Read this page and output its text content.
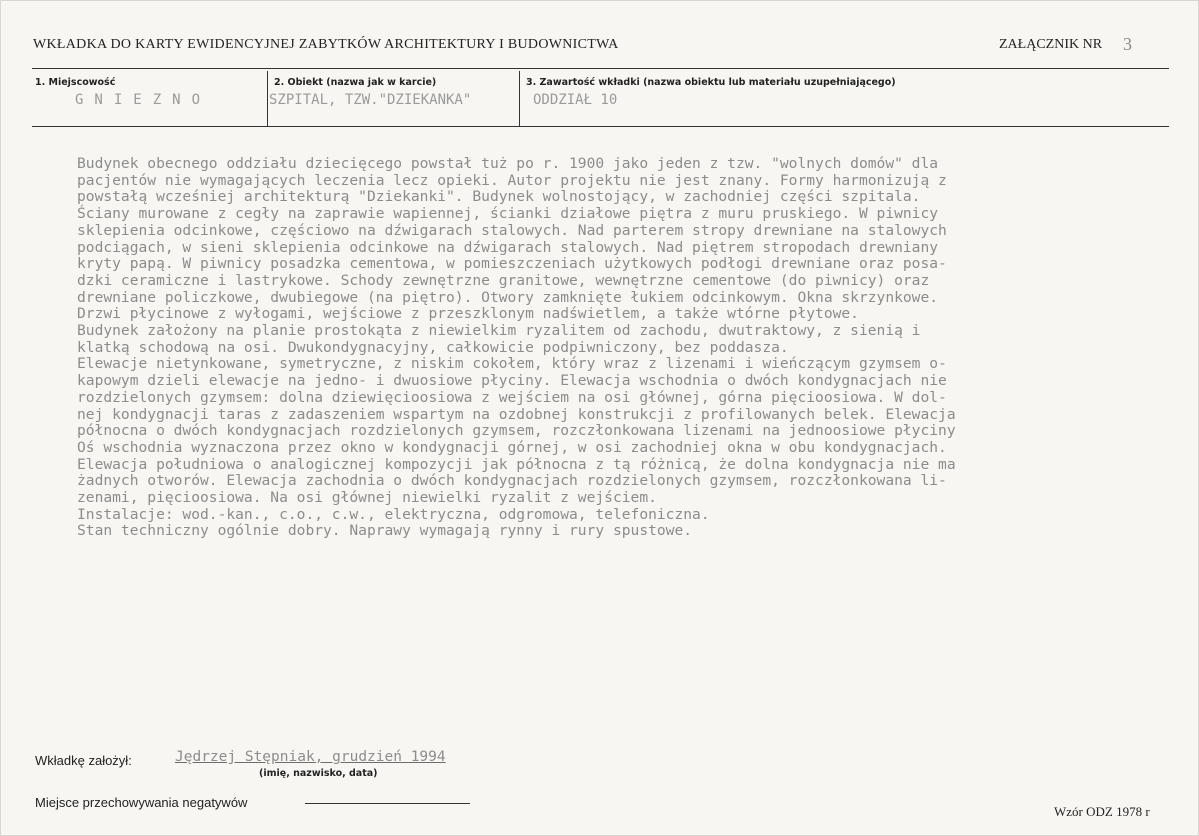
WKŁADKA DO KARTY EWIDENCYJNEJ ZABYTKÓW ARCHITEKTURY I BUDOWNICTWA	ZAŁĄCZNIK NR 3
1. Miejscowość
GNIEZNO
2. Obiekt (nazwa jak w karcie)
SZPITAL, TZW."DZIEKANKA"
3. Zawartość wkładki (nazwa obiektu lub materiału uzupełniającego)
ODDZIAŁ 10
Budynek obecnego oddziału dziecięcego powstał tuż po r. 1900 jako jeden z tzw. "wolnych domów" dla
pacjentów nie wymagających leczenia lecz opieki. Autor projektu nie jest znany. Formy harmonizują z
powstałą wcześniej architekturą "Dziekanki". Budynek wolnostojący, w zachodniej części szpitala.
Ściany murowane z cegły na zaprawie wapiennej, ścianki działowe piętra z muru pruskiego. W piwnicy
sklepienia odcinkowe, częściowo na dźwigarach stalowych. Nad parterem stropy drewniane na stalowych
podciągach, w sieni sklepienia odcinkowe na dźwigarach stalowych. Nad piętrem stropodach drewniany
kryty papą. W piwnicy posadzka cementowa, w pomieszczeniach użytkowych podłogi drewniane oraz posa-
dzki ceramiczne i lastrykowe. Schody zewnętrzne granitowe, wewnętrzne cementowe (do piwnicy) oraz
drewniane policzkowe, dwubiegowe (na piętro). Otwory zamknięte łukiem odcinkowym. Okna skrzynkowe.
Drzwi płycinowe z wyłogami, wejściowe z przeszklonym nadświetlem, a także wtórne płytowe.
Budynek założony na planie prostokąta z niewielkim ryzalitem od zachodu, dwutraktowy, z sienią i
klatką schodową na osi. Dwukondygnacyjny, całkowicie podpiwniczony, bez poddasza.
Elewacje nietynkowane, symetryczne, z niskim cokołem, który wraz z lizenami i wieńczącym gzymsem o-
kapowym dzieli elewacje na jedno- i dwuosiowe płyciny. Elewacja wschodnia o dwóch kondygnacjach nie
rozdzielonych gzymsem: dolna dziewięcioosiowa z wejściem na osi głównej, górna pięcioosiowa. W dol-
nej kondygnacji taras z zadaszeniem wspartym na ozdobnej konstrukcji z profilowanych belek. Elewacja
północna o dwóch kondygnacjach rozdzielonych gzymsem, rozczłonkowana lizenami na jednoosiowe płyciny
Oś wschodnia wyznaczona przez okno w kondygnacji górnej, w osi zachodniej okna w obu kondygnacjach.
Elewacja południowa o analogicznej kompozycji jak północna z tą różnicą, że dolna kondygnacja nie ma
żadnych otworów. Elewacja zachodnia o dwóch kondygnacjach rozdzielonych gzymsem, rozczłonkowana li-
zenami, pięcioosiowa. Na osi głównej niewielki ryzalit z wejściem.
Instalacje: wod.-kan., c.o., c.w., elektryczna, odgromowa, telefoniczna.
Stan techniczny ogólnie dobry. Naprawy wymagają rynny i rury spustowe.
Wkładkę założył:	Jędrzej Stępniak, grudzień 1994
(imię, nazwisko, data)
Miejsce przechowywania negatywów
Wzór ODZ 1978 r
